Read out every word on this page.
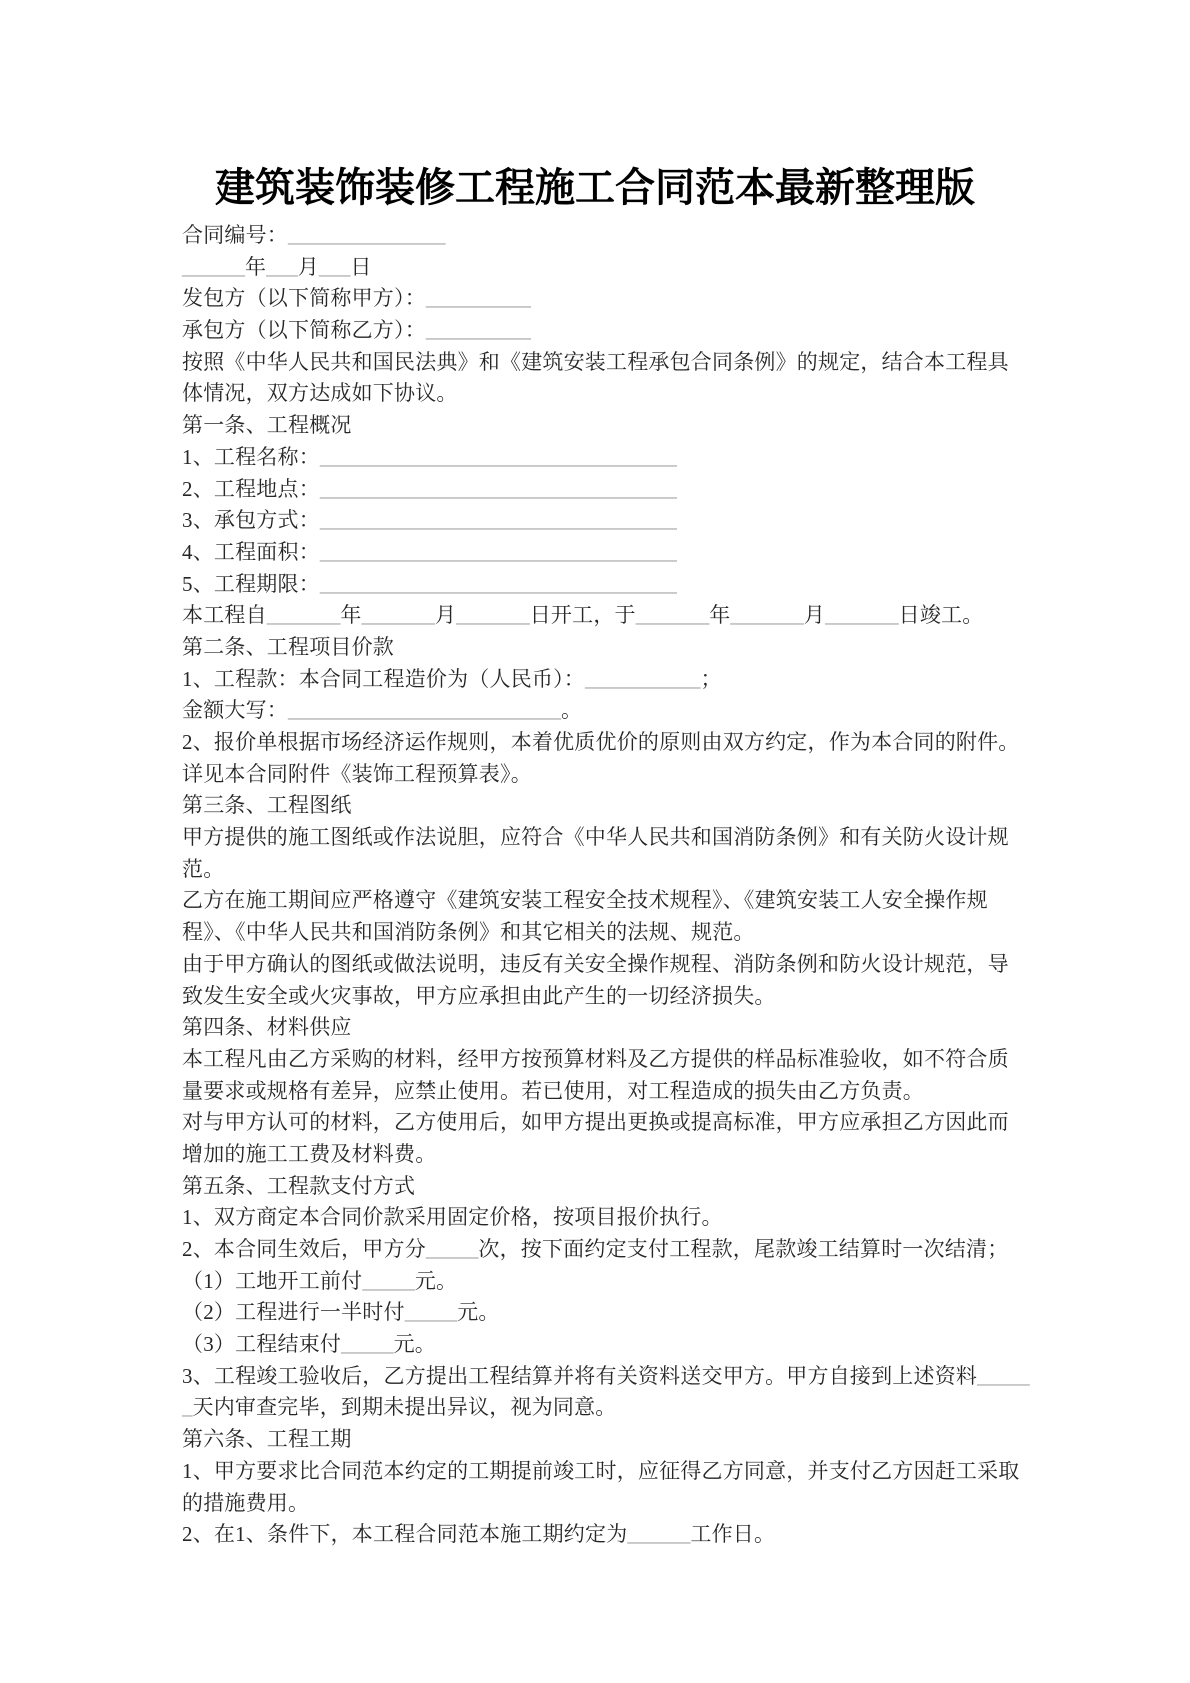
建筑装饰装修工程施工合同范本最新整理版
合同编号：_______________
______年___月___日
发包方（以下简称甲方）：__________
承包方（以下简称乙方）：__________
按照《中华人民共和国民法典》和《建筑安装工程承包合同条例》的规定，结合本工程具
体情况，双方达成如下协议。
第一条、工程概况
1、工程名称：__________________________________
2、工程地点：__________________________________
3、承包方式：__________________________________
4、工程面积：__________________________________
5、工程期限：__________________________________
本工程自_______年_______月_______日开工，于_______年_______月_______日竣工。
第二条、工程项目价款
1、工程款：本合同工程造价为（人民币）：___________；
金额大写：__________________________。
2、报价单根据市场经济运作规则，本着优质优价的原则由双方约定，作为本合同的附件。
详见本合同附件《装饰工程预算表》。
第三条、工程图纸
甲方提供的施工图纸或作法说胆，应符合《中华人民共和国消防条例》和有关防火设计规
范。
乙方在施工期间应严格遵守《建筑安装工程安全技术规程》、《建筑安装工人安全操作规
程》、《中华人民共和国消防条例》和其它相关的法规、规范。
由于甲方确认的图纸或做法说明，违反有关安全操作规程、消防条例和防火设计规范，导
致发生安全或火灾事故，甲方应承担由此产生的一切经济损失。
第四条、材料供应
本工程凡由乙方采购的材料，经甲方按预算材料及乙方提供的样品标准验收，如不符合质
量要求或规格有差异，应禁止使用。若已使用，对工程造成的损失由乙方负责。
对与甲方认可的材料，乙方使用后，如甲方提出更换或提高标准，甲方应承担乙方因此而
增加的施工工费及材料费。
第五条、工程款支付方式
1、双方商定本合同价款采用固定价格，按项目报价执行。
2、本合同生效后，甲方分_____次，按下面约定支付工程款，尾款竣工结算时一次结清；
（1）工地开工前付_____元。
（2）工程进行一半时付_____元。
（3）工程结束付_____元。
3、工程竣工验收后，乙方提出工程结算并将有关资料送交甲方。甲方自接到上述资料_____
_天内审查完毕，到期未提出异议，视为同意。
第六条、工程工期
1、甲方要求比合同范本约定的工期提前竣工时，应征得乙方同意，并支付乙方因赶工采取
的措施费用。
2、在1、条件下，本工程合同范本施工期约定为______工作日。
